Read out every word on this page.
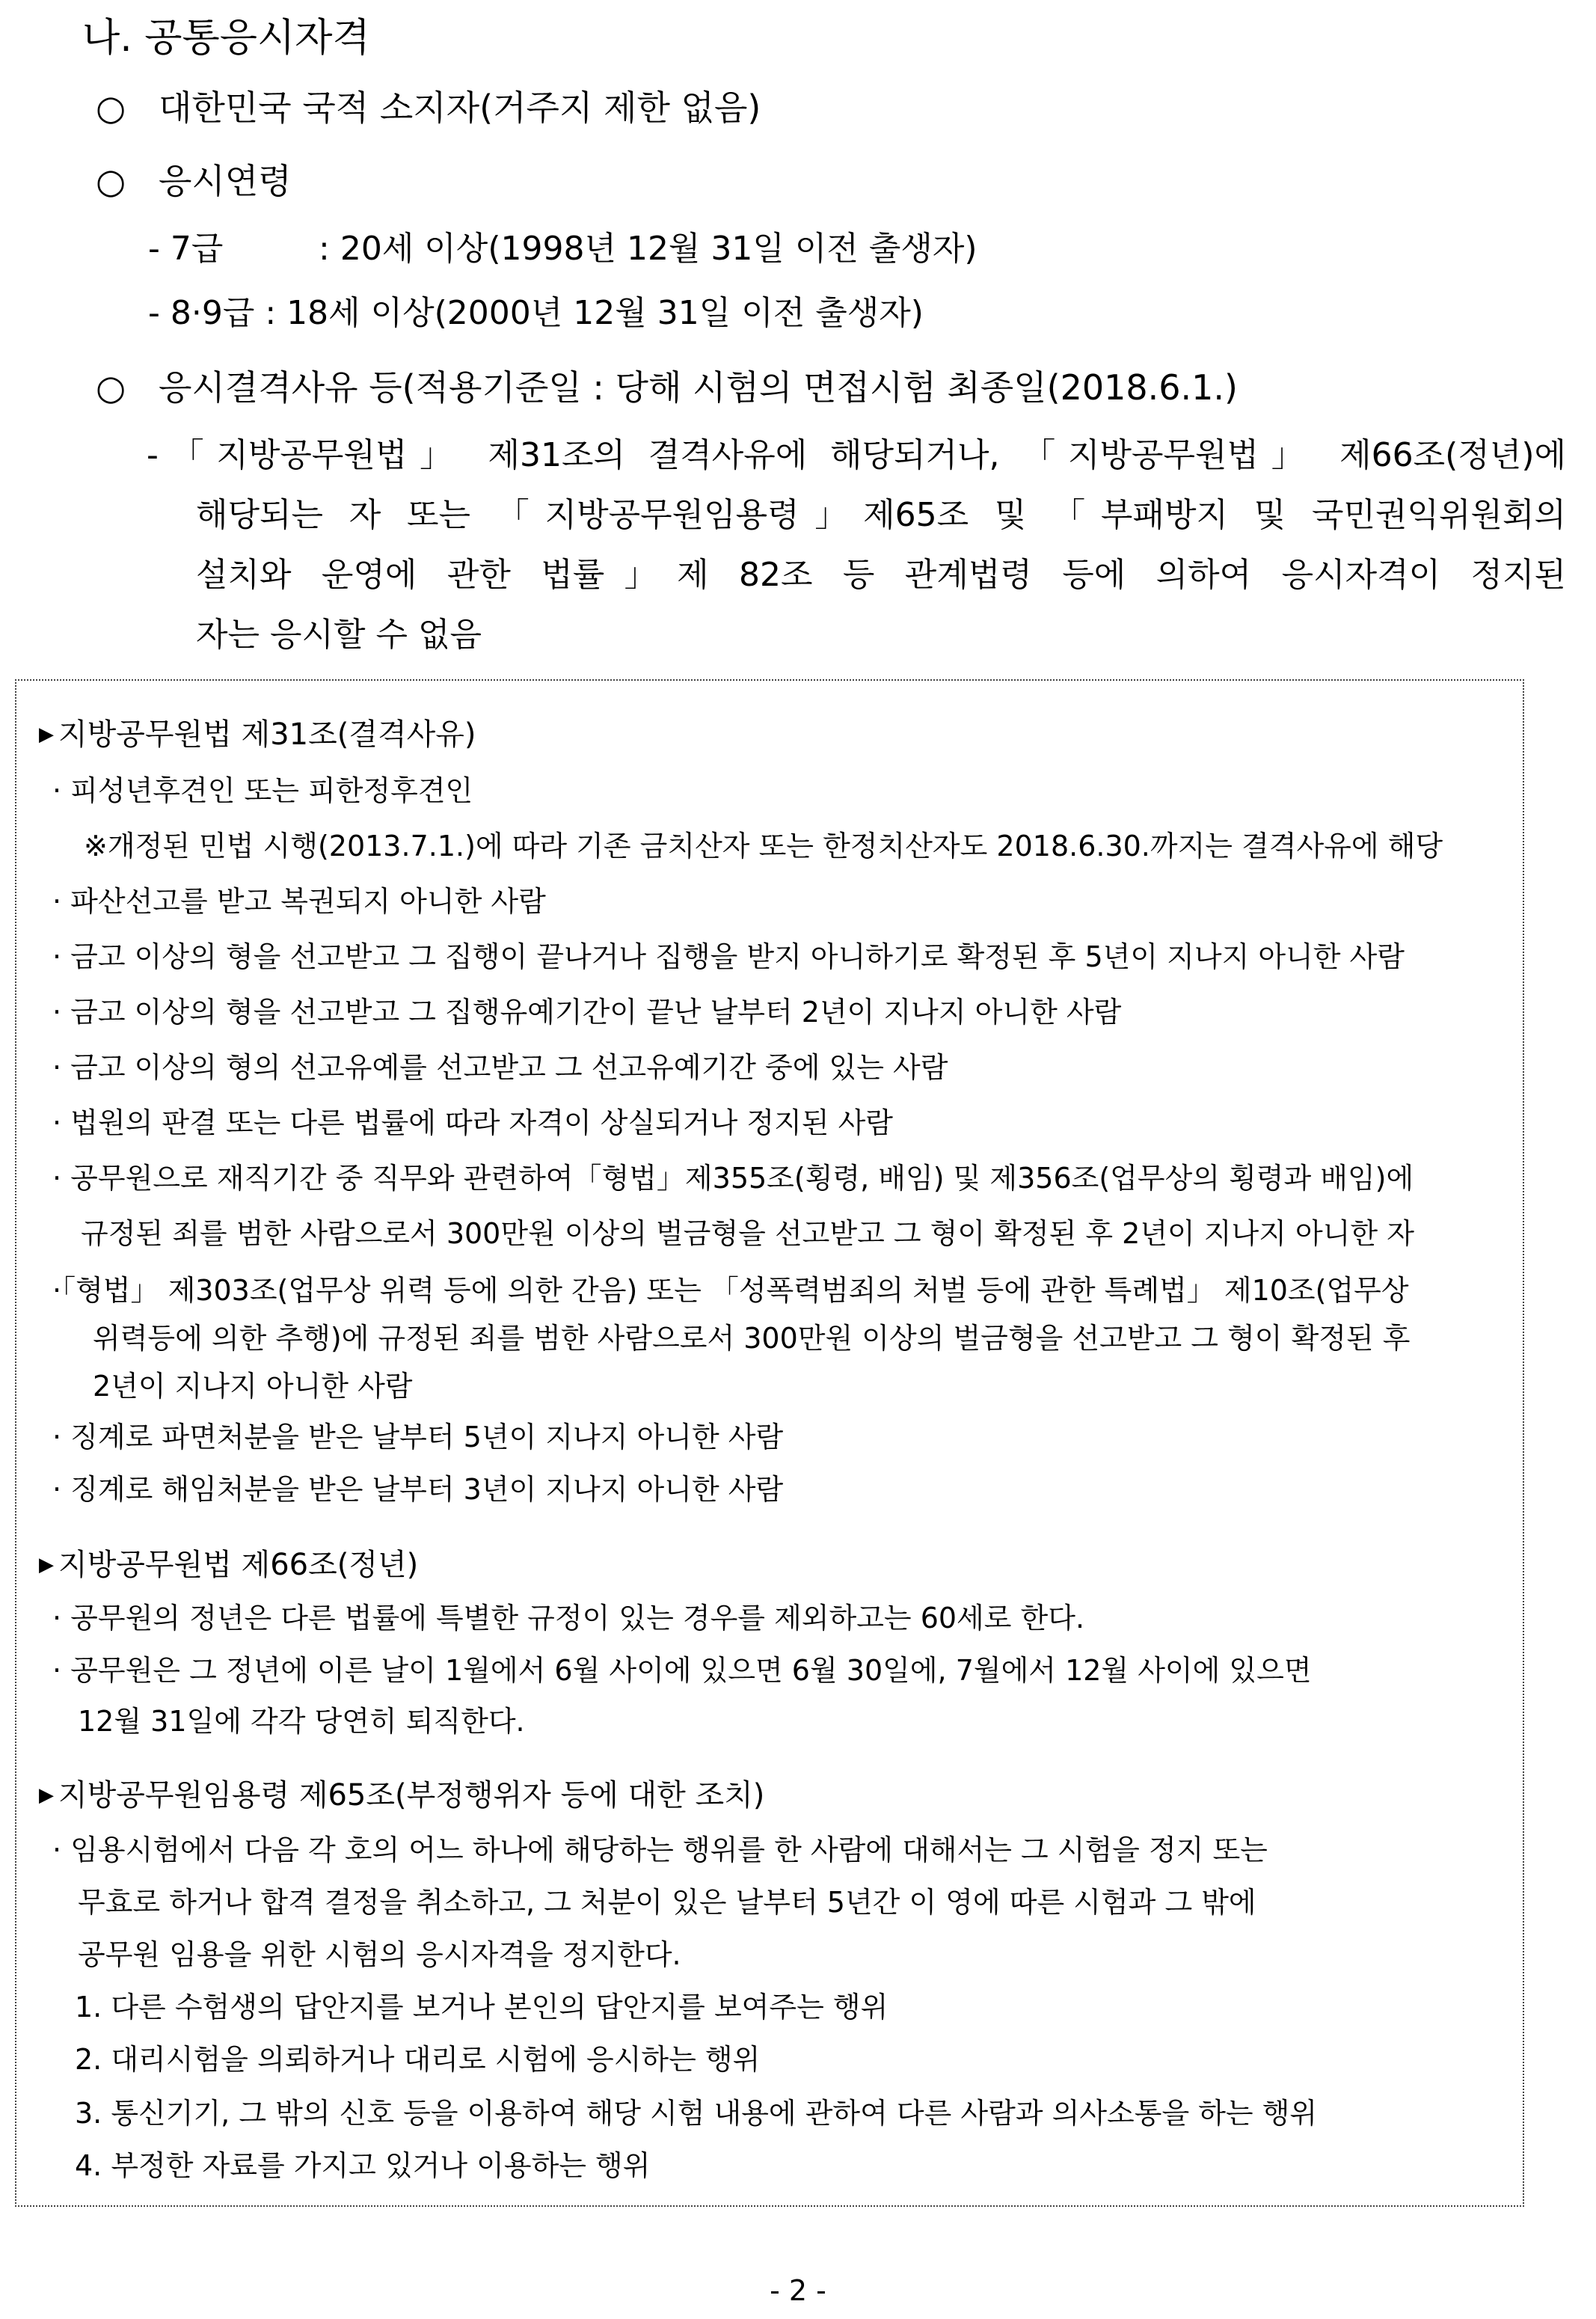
나. 공통응시자격
○ 대한민국 국적 소지자(거주지 제한 없음)
○ 응시연령
- 7급	: 20세 이상(1998년 12월 31일 이전 출생자)
- 8·9급 : 18세 이상(2000년 12월 31일 이전 출생자)
○ 응시결격사유 등(적용기준일 : 당해 시험의 면접시험 최종일(2018.6.1.)
-「지방공무원법」 제31조의 결격사유에 해당되거나, 「지방공무원법」 제66조(정년)에
해당되는 자 또는 「지방공무원임용령」제65조 및 「부패방지 및 국민권익위원회의
설치와 운영에 관한 법률」제 82조 등 관계법령 등에 의하여 응시자격이 정지된
자는 응시할 수 없음
▶ 지방공무원법 제31조(결격사유)
· 피성년후견인 또는 피한정후견인
※개정된 민법 시행(2013.7.1.)에 따라 기존 금치산자 또는 한정치산자도 2018.6.30.까지는 결격사유에 해당
· 파산선고를 받고 복권되지 아니한 사람
· 금고 이상의 형을 선고받고 그 집행이 끝나거나 집행을 받지 아니하기로 확정된 후 5년이 지나지 아니한 사람
· 금고 이상의 형을 선고받고 그 집행유예기간이 끝난 날부터 2년이 지나지 아니한 사람
· 금고 이상의 형의 선고유예를 선고받고 그 선고유예기간 중에 있는 사람
· 법원의 판결 또는 다른 법률에 따라 자격이 상실되거나 정지된 사람
· 공무원으로 재직기간 중 직무와 관련하여「형법」제355조(횡령, 배임) 및 제356조(업무상의 횡령과 배임)에
규정된 죄를 범한 사람으로서 300만원 이상의 벌금형을 선고받고 그 형이 확정된 후 2년이 지나지 아니한 자
·「형법」 제303조(업무상 위력 등에 의한 간음) 또는 「성폭력범죄의 처벌 등에 관한 특례법」 제10조(업무상
위력등에 의한 추행)에 규정된 죄를 범한 사람으로서 300만원 이상의 벌금형을 선고받고 그 형이 확정된 후
2년이 지나지 아니한 사람
· 징계로 파면처분을 받은 날부터 5년이 지나지 아니한 사람
· 징계로 해임처분을 받은 날부터 3년이 지나지 아니한 사람
▶ 지방공무원법 제66조(정년)
· 공무원의 정년은 다른 법률에 특별한 규정이 있는 경우를 제외하고는 60세로 한다.
· 공무원은 그 정년에 이른 날이 1월에서 6월 사이에 있으면 6월 30일에, 7월에서 12월 사이에 있으면
12월 31일에 각각 당연히 퇴직한다.
▶ 지방공무원임용령 제65조(부정행위자 등에 대한 조치)
· 임용시험에서 다음 각 호의 어느 하나에 해당하는 행위를 한 사람에 대해서는 그 시험을 정지 또는
무효로 하거나 합격 결정을 취소하고, 그 처분이 있은 날부터 5년간 이 영에 따른 시험과 그 밖에
공무원 임용을 위한 시험의 응시자격을 정지한다.
1. 다른 수험생의 답안지를 보거나 본인의 답안지를 보여주는 행위
2. 대리시험을 의뢰하거나 대리로 시험에 응시하는 행위
3. 통신기기, 그 밖의 신호 등을 이용하여 해당 시험 내용에 관하여 다른 사람과 의사소통을 하는 행위
4. 부정한 자료를 가지고 있거나 이용하는 행위
- 2 -
